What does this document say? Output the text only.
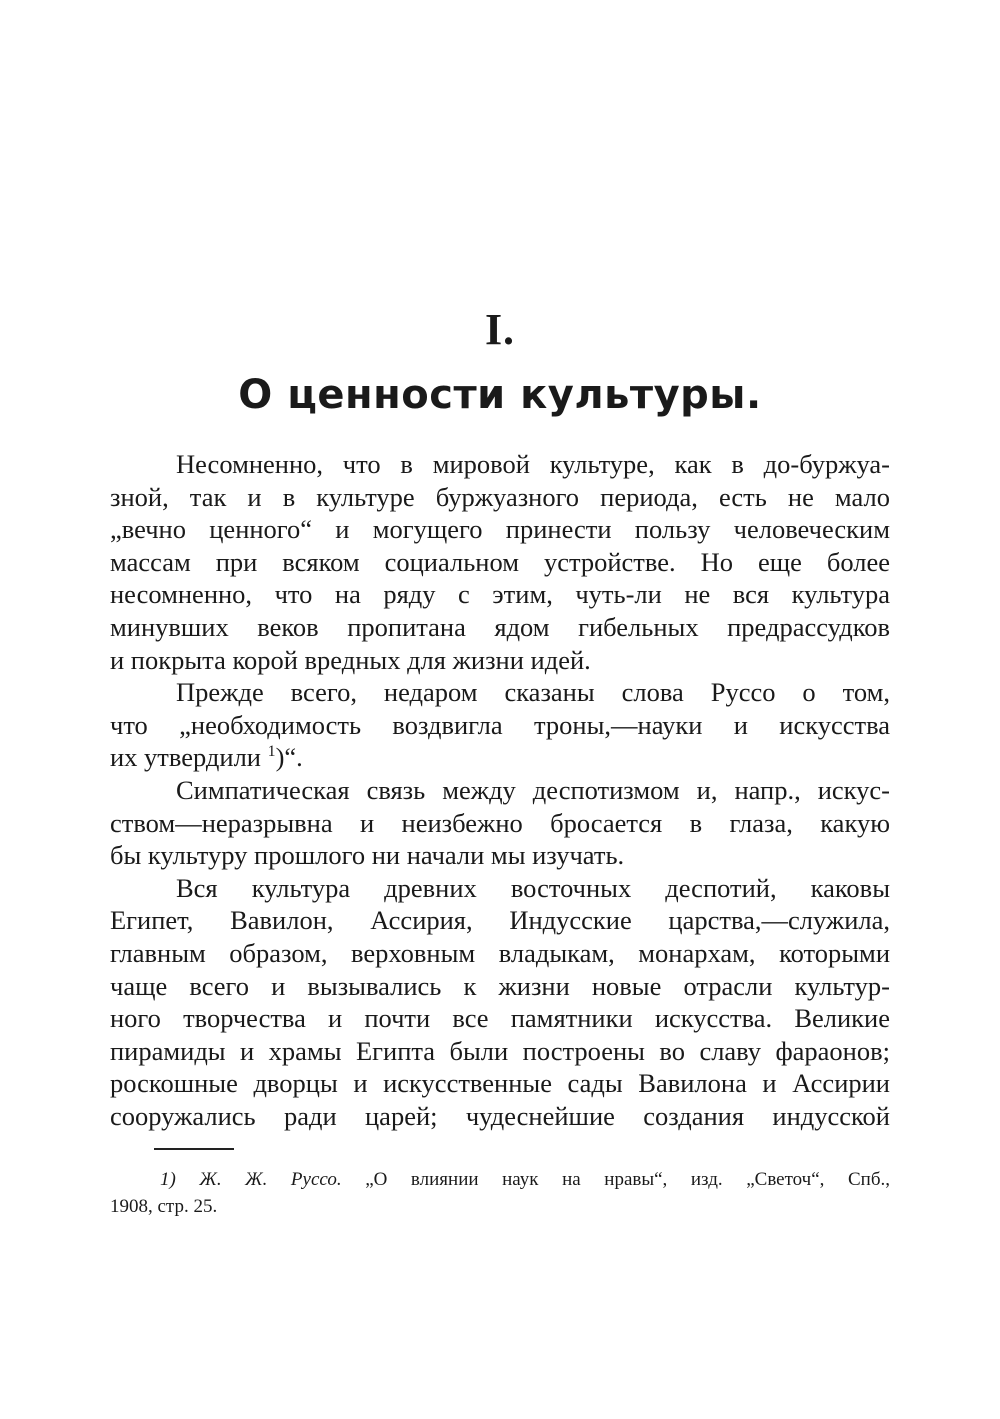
I.
О ценности культуры.
Несомненно, что в мировой культуре, как в до-буржуа-
зной, так и в культуре буржуазного периода, есть не мало
„вечно ценного“ и могущего принести пользу человеческим
массам при всяком социальном устройстве. Но еще более
несомненно, что на ряду с этим, чуть-ли не вся культура
минувших веков пропитана ядом гибельных предрассудков
и покрыта корой вредных для жизни идей.
Прежде всего, недаром сказаны слова Руссо о том,
что „необходимость воздвигла троны,—науки и искусства
их утвердили $^1$)“.
Симпатическая связь между деспотизмом и, напр., искус-
ством—неразрывна и неизбежно бросается в глаза, какую
бы культуру прошлого ни начали мы изучать.
Вся культура древних восточных деспотий, каковы
Египет, Вавилон, Ассирия, Индусские царства,—служила,
главным образом, верховным владыкам, монархам, которыми
чаще всего и вызывались к жизни новые отрасли культур-
ного творчества и почти все памятники искусства. Великие
пирамиды и храмы Египта были построены во славу фараонов;
роскошные дворцы и искусственные сады Вавилона и Ассирии
сооружались ради царей; чудеснейшие создания индусской
1) Ж. Ж. Руссо. „О влиянии наук на нравы“, изд. „Светоч“, Спб.,
1908, стр. 25.
